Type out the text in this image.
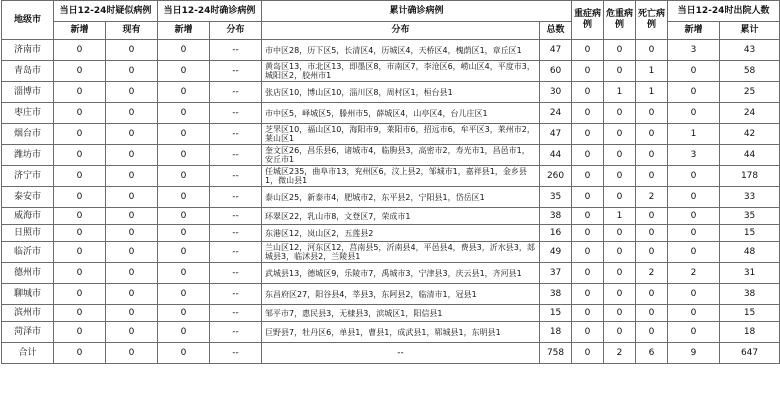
地级市	当日12-24时疑似病例		当日12-24时确诊病例		累计确诊病例		重症病例	危重病例	死亡病例	当日12-24时出院人数	
	新增	现有	新增	分布	分布	总数				新增	累计
济南市	0	0	0	--	市中区28，历下区5，长清区4，历城区4，天桥区4，槐荫区1，章丘区1	47	0	0	0	3	43
青岛市	0	0	0	--	黄岛区13，市北区13，即墨区8，市南区7，李沧区6，崂山区4，平度市3，城阳区2，胶州市1	60	0	0	1	0	58
淄博市	0	0	0	--	张店区10，博山区10，淄川区8，周村区1，桓台县1	30	0	1	1	0	25
枣庄市	0	0	0	--	市中区5，峄城区5，滕州市5，薛城区4，山亭区4，台儿庄区1	24	0	0	0	0	24
烟台市	0	0	0	--	芝罘区10，福山区10，海阳市9，莱阳市6，招远市6，牟平区3，莱州市2，莱山区1	47	0	0	0	1	42
潍坊市	0	0	0	--	奎文区26，昌乐县6，诸城市4，临朐县3，高密市2，寿光市1，昌邑市1，安丘市1	44	0	0	0	3	44
济宁市	0	0	0	--	任城区235，曲阜市13，兖州区6，汶上县2，邹城市1，嘉祥县1，金乡县1，微山县1	260	0	0	0	0	178
泰安市	0	0	0	--	泰山区25，新泰市4，肥城市2，东平县2，宁阳县1，岱岳区1	35	0	0	2	0	33
威海市	0	0	0	--	环翠区22，乳山市8，文登区7，荣成市1	38	0	1	0	0	35
日照市	0	0	0	--	东港区12，岚山区2，五莲县2	16	0	0	0	0	15
临沂市	0	0	0	--	兰山区12，河东区12，莒南县5，沂南县4，平邑县4，费县3，沂水县3，郯城县3，临沭县2，兰陵县1	49	0	0	0	0	48
德州市	0	0	0	--	武城县13，德城区9，乐陵市7，禹城市3，宁津县3，庆云县1，齐河县1	37	0	0	2	2	31
聊城市	0	0	0	--	东昌府区27，阳谷县4，莘县3，东阿县2，临清市1，冠县1	38	0	0	0	0	38
滨州市	0	0	0	--	邹平市7，惠民县3，无棣县3，滨城区1，阳信县1	15	0	0	0	0	15
菏泽市	0	0	0	--	巨野县7，牡丹区6，单县1，曹县1，成武县1，郓城县1，东明县1	18	0	0	0	0	18
合计	0	0	0	--	--	758	0	2	6	9	647
